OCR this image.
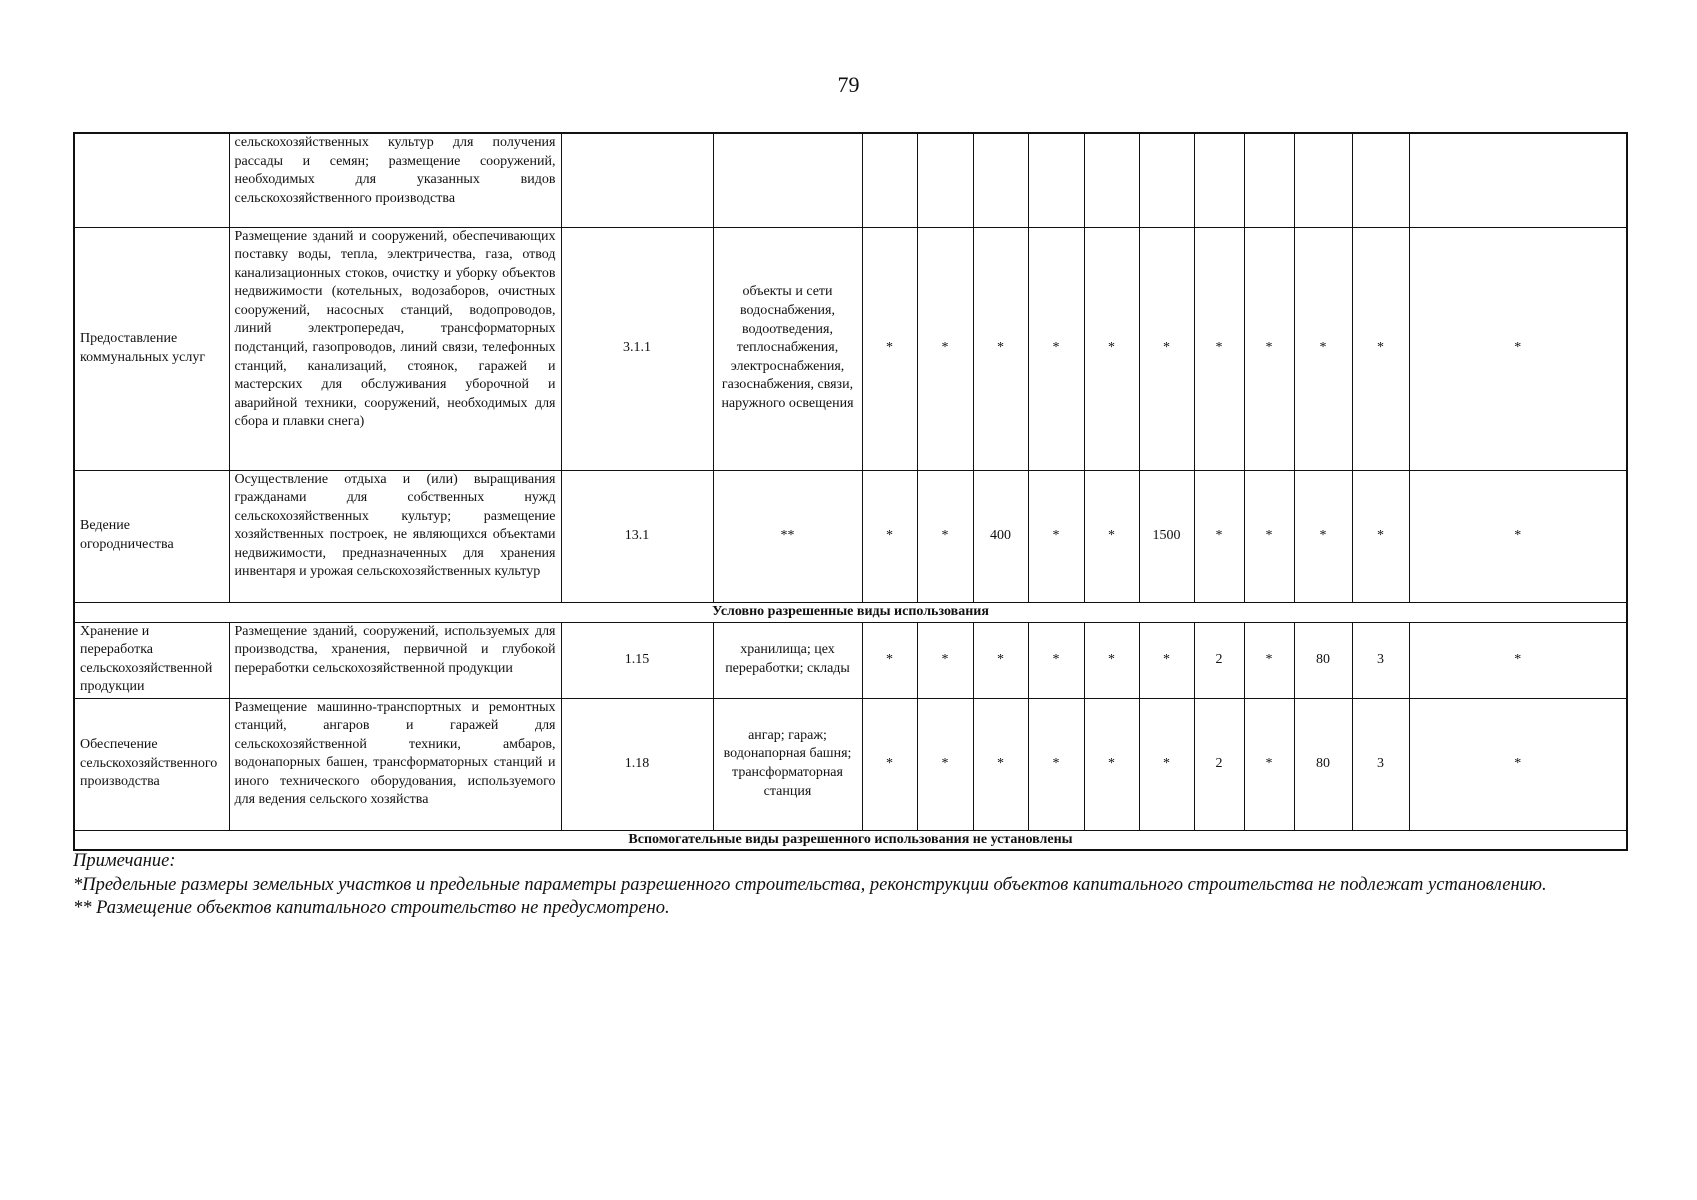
79
	сельскохозяйственных культур для получения рассады и семян; размещение сооружений, необходимых для указанных видов сельскохозяйственного производства													
Предоставление коммунальных услуг	Размещение зданий и сооружений, обеспечивающих поставку воды, тепла, электричества, газа, отвод канализационных стоков, очистку и уборку объектов недвижимости (котельных, водозаборов, очистных сооружений, насосных станций, водопроводов, линий электропередач, трансформаторных подстанций, газопроводов, линий связи, телефонных станций, канализаций, стоянок, гаражей и мастерских для обслуживания уборочной и аварийной техники, сооружений, необходимых для сбора и плавки снега)	3.1.1	объекты и сети водоснабжения, водоотведения, теплоснабжения, электроснабжения, газоснабжения, связи, наружного освещения	*	*	*	*	*	*	*	*	*	*	*
Ведение огородничества	Осуществление отдыха и (или) выращивания гражданами для собственных нужд сельскохозяйственных культур; размещение хозяйственных построек, не являющихся объектами недвижимости, предназначенных для хранения инвентаря и урожая сельскохозяйственных культур	13.1	**	*	*	400	*	*	1500	*	*	*	*	*
Условно разрешенные виды использования														
Хранение и переработка сельскохозяйственной продукции	Размещение зданий, сооружений, используемых для производства, хранения, первичной и глубокой переработки сельскохозяйственной продукции	1.15	хранилища; цех переработки; склады	*	*	*	*	*	*	2	*	80	3	*
Обеспечение сельскохозяйственного производства	Размещение машинно-транспортных и ремонтных станций, ангаров и гаражей для сельскохозяйственной техники, амбаров, водонапорных башен, трансформаторных станций и иного технического оборудования, используемого для ведения сельского хозяйства	1.18	ангар; гараж; водонапорная башня; трансформаторная станция	*	*	*	*	*	*	2	*	80	3	*
Вспомогательные виды разрешенного использования не установлены														
Примечание:
*Предельные размеры земельных участков и предельные параметры разрешенного строительства, реконструкции объектов капитального строительства не подлежат установлению.
** Размещение объектов капитального строительство не предусмотрено.
